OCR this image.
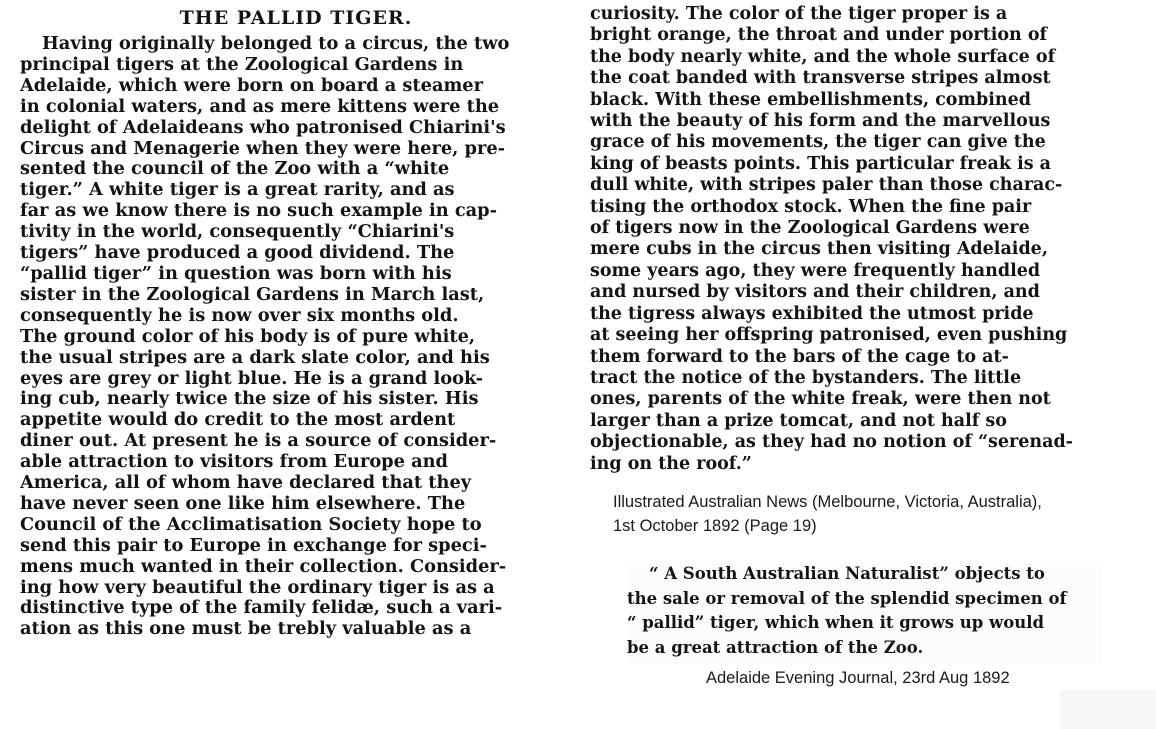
THE PALLID TIGER.
Having originally belonged to a circus, the two
principal tigers at the Zoological Gardens in
Adelaide, which were born on board a steamer
in colonial waters, and as mere kittens were the
delight of Adelaideans who patronised Chiarini's
Circus and Menagerie when they were here, pre-
sented the council of the Zoo with a “white
tiger.” A white tiger is a great rarity, and as
far as we know there is no such example in cap-
tivity in the world, consequently “Chiarini's
tigers” have produced a good dividend. The
“pallid tiger” in question was born with his
sister in the Zoological Gardens in March last,
consequently he is now over six months old.
The ground color of his body is of pure white,
the usual stripes are a dark slate color, and his
eyes are grey or light blue. He is a grand look-
ing cub, nearly twice the size of his sister. His
appetite would do credit to the most ardent
diner out. At present he is a source of consider-
able attraction to visitors from Europe and
America, all of whom have declared that they
have never seen one like him elsewhere. The
Council of the Acclimatisation Society hope to
send this pair to Europe in exchange for speci-
mens much wanted in their collection. Consider-
ing how very beautiful the ordinary tiger is as a
distinctive type of the family felidæ, such a vari-
ation as this one must be trebly valuable as a
curiosity. The color of the tiger proper is a
bright orange, the throat and under portion of
the body nearly white, and the whole surface of
the coat banded with transverse stripes almost
black. With these embellishments, combined
with the beauty of his form and the marvellous
grace of his movements, the tiger can give the
king of beasts points. This particular freak is a
dull white, with stripes paler than those charac-
tising the orthodox stock. When the fine pair
of tigers now in the Zoological Gardens were
mere cubs in the circus then visiting Adelaide,
some years ago, they were frequently handled
and nursed by visitors and their children, and
the tigress always exhibited the utmost pride
at seeing her offspring patronised, even pushing
them forward to the bars of the cage to at-
tract the notice of the bystanders. The little
ones, parents of the white freak, were then not
larger than a prize tomcat, and not half so
objectionable, as they had no notion of “serenad-
ing on the roof.”
Illustrated Australian News (Melbourne, Victoria, Australia),
1st October 1892 (Page 19)
“ A South Australian Naturalist” objects to
the sale or removal of the splendid specimen of
“ pallid” tiger, which when it grows up would
be a great attraction of the Zoo.
Adelaide Evening Journal, 23rd Aug 1892
